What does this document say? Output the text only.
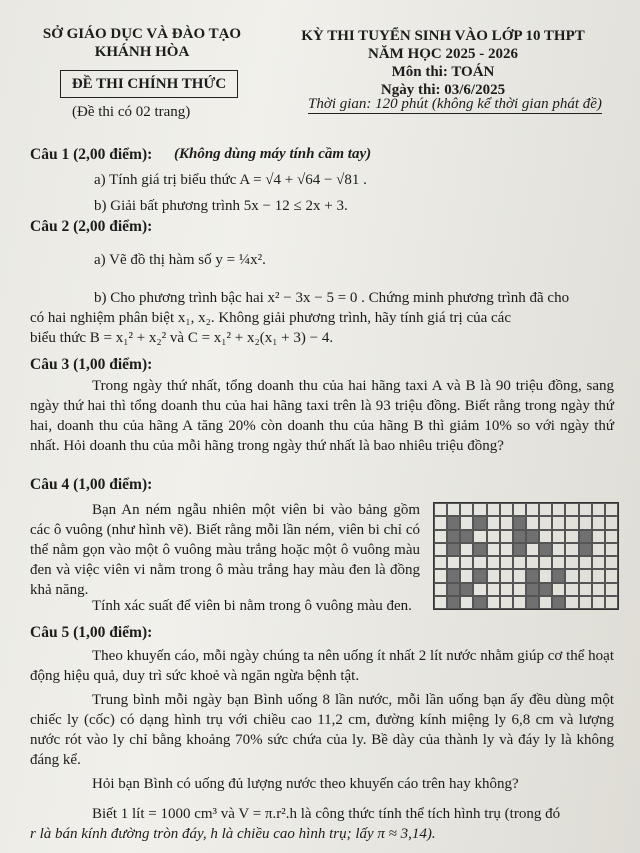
SỞ GIÁO DỤC VÀ ĐÀO TẠO
KHÁNH HÒA
ĐỀ THI CHÍNH THỨC
(Đề thi có 02 trang)
KỲ THI TUYỂN SINH VÀO LỚP 10 THPT
NĂM HỌC 2025 - 2026
Môn thi: TOÁN
Ngày thi: 03/6/2025
Thời gian: 120 phút (không kể thời gian phát đề)
Câu 1 (2,00 điểm): (Không dùng máy tính cầm tay)
a) Tính giá trị biểu thức A = √4 + √64 − √81 .
b) Giải bất phương trình 5x − 12 ≤ 2x + 3.
Câu 2 (2,00 điểm):
a) Vẽ đồ thị hàm số y = ¼x².
b) Cho phương trình bậc hai x² − 3x − 5 = 0 . Chứng minh phương trình đã cho
có hai nghiệm phân biệt x₁, x₂. Không giải phương trình, hãy tính giá trị của các
biểu thức B = x₁² + x₂² và C = x₁² + x₂(x₁ + 3) − 4.
Câu 3 (1,00 điểm):
Trong ngày thứ nhất, tổng doanh thu của hai hãng taxi A và B là 90 triệu đồng, sang ngày thứ hai thì tổng doanh thu của hai hãng taxi trên là 93 triệu đồng. Biết rằng trong ngày thứ hai, doanh thu của hãng A tăng 20% còn doanh thu của hãng B thì giảm 10% so với ngày thứ nhất. Hỏi doanh thu của mỗi hãng trong ngày thứ nhất là bao nhiêu triệu đồng?
Câu 4 (1,00 điểm):
Bạn An ném ngẫu nhiên một viên bi vào bảng gồm các ô vuông (như hình vẽ). Biết rằng mỗi lần ném, viên bi chỉ có thể nằm gọn vào một ô vuông màu trắng hoặc một ô vuông màu đen và việc viên vi nằm trong ô màu trắng hay màu đen là đồng khả năng.
Tính xác suất để viên bi nằm trong ô vuông màu đen.
Câu 5 (1,00 điểm):
Theo khuyến cáo, mỗi ngày chúng ta nên uống ít nhất 2 lít nước nhằm giúp cơ thể hoạt động hiệu quả, duy trì sức khoẻ và ngăn ngừa bệnh tật.
Trung bình mỗi ngày bạn Bình uống 8 lần nước, mỗi lần uống bạn ấy đều dùng một chiếc ly (cốc) có dạng hình trụ với chiều cao 11,2 cm, đường kính miệng ly 6,8 cm và lượng nước rót vào ly chỉ bằng khoảng 70% sức chứa của ly. Bề dày của thành ly và đáy ly là không đáng kể.
Hỏi bạn Bình có uống đủ lượng nước theo khuyến cáo trên hay không?
Biết 1 lít = 1000 cm³ và V = π.r².h là công thức tính thể tích hình trụ (trong đó
r là bán kính đường tròn đáy, h là chiều cao hình trụ; lấy π ≈ 3,14).
